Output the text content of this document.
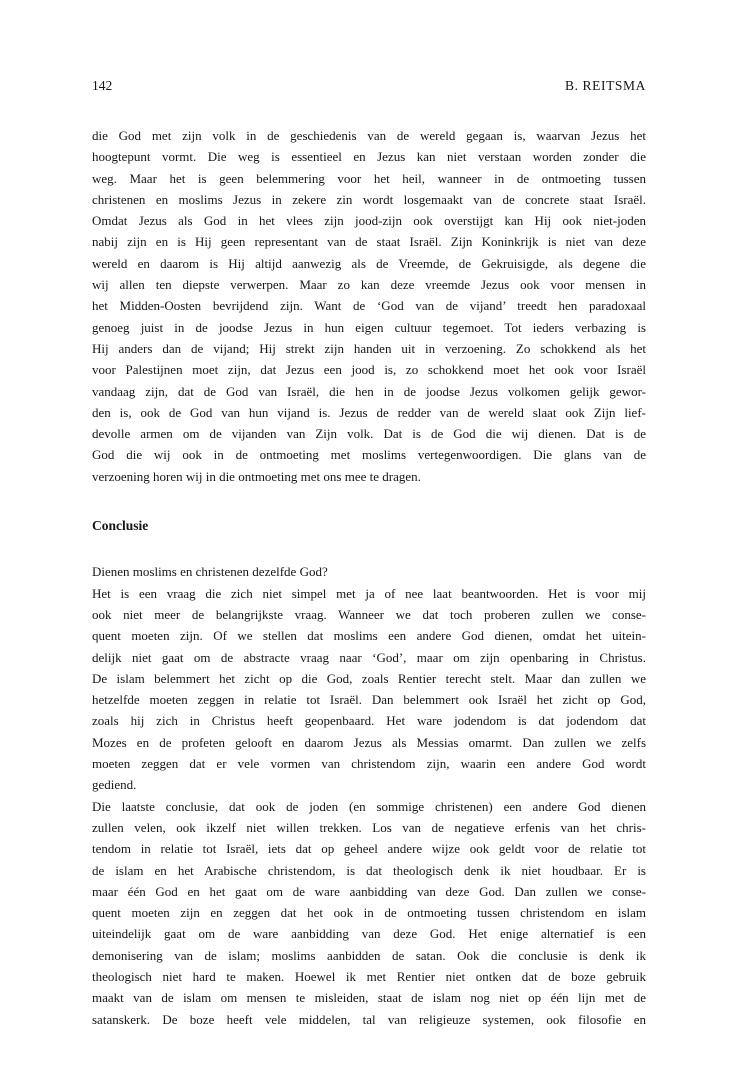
142	B. REITSMA
die God met zijn volk in de geschiedenis van de wereld gegaan is, waarvan Jezus het
hoogtepunt vormt. Die weg is essentieel en Jezus kan niet verstaan worden zonder die
weg. Maar het is geen belemmering voor het heil, wanneer in de ontmoeting tussen
christenen en moslims Jezus in zekere zin wordt losgemaakt van de concrete staat Israël.
Omdat Jezus als God in het vlees zijn jood-zijn ook overstijgt kan Hij ook niet-joden
nabij zijn en is Hij geen representant van de staat Israël. Zijn Koninkrijk is niet van deze
wereld en daarom is Hij altijd aanwezig als de Vreemde, de Gekruisigde, als degene die
wij allen ten diepste verwerpen. Maar zo kan deze vreemde Jezus ook voor mensen in
het Midden-Oosten bevrijdend zijn. Want de ‘God van de vijand’ treedt hen paradoxaal
genoeg juist in de joodse Jezus in hun eigen cultuur tegemoet. Tot ieders verbazing is
Hij anders dan de vijand; Hij strekt zijn handen uit in verzoening. Zo schokkend als het
voor Palestijnen moet zijn, dat Jezus een jood is, zo schokkend moet het ook voor Israël
vandaag zijn, dat de God van Israël, die hen in de joodse Jezus volkomen gelijk gewor-
den is, ook de God van hun vijand is. Jezus de redder van de wereld slaat ook Zijn lief-
devolle armen om de vijanden van Zijn volk. Dat is de God die wij dienen. Dat is de
God die wij ook in de ontmoeting met moslims vertegenwoordigen. Die glans van de
verzoening horen wij in die ontmoeting met ons mee te dragen.
Conclusie
Dienen moslims en christenen dezelfde God?
Het is een vraag die zich niet simpel met ja of nee laat beantwoorden. Het is voor mij
ook niet meer de belangrijkste vraag. Wanneer we dat toch proberen zullen we conse-
quent moeten zijn. Of we stellen dat moslims een andere God dienen, omdat het uitein-
delijk niet gaat om de abstracte vraag naar ‘God’, maar om zijn openbaring in Christus.
De islam belemmert het zicht op die God, zoals Rentier terecht stelt. Maar dan zullen we
hetzelfde moeten zeggen in relatie tot Israël. Dan belemmert ook Israël het zicht op God,
zoals hij zich in Christus heeft geopenbaard. Het ware jodendom is dat jodendom dat
Mozes en de profeten gelooft en daarom Jezus als Messias omarmt. Dan zullen we zelfs
moeten zeggen dat er vele vormen van christendom zijn, waarin een andere God wordt
gediend.
Die laatste conclusie, dat ook de joden (en sommige christenen) een andere God dienen
zullen velen, ook ikzelf niet willen trekken. Los van de negatieve erfenis van het chris-
tendom in relatie tot Israël, iets dat op geheel andere wijze ook geldt voor de relatie tot
de islam en het Arabische christendom, is dat theologisch denk ik niet houdbaar. Er is
maar één God en het gaat om de ware aanbidding van deze God. Dan zullen we conse-
quent moeten zijn en zeggen dat het ook in de ontmoeting tussen christendom en islam
uiteindelijk gaat om de ware aanbidding van deze God. Het enige alternatief is een
demonisering van de islam; moslims aanbidden de satan. Ook die conclusie is denk ik
theologisch niet hard te maken. Hoewel ik met Rentier niet ontken dat de boze gebruik
maakt van de islam om mensen te misleiden, staat de islam nog niet op één lijn met de
satanskerk. De boze heeft vele middelen, tal van religieuze systemen, ook filosofie en
